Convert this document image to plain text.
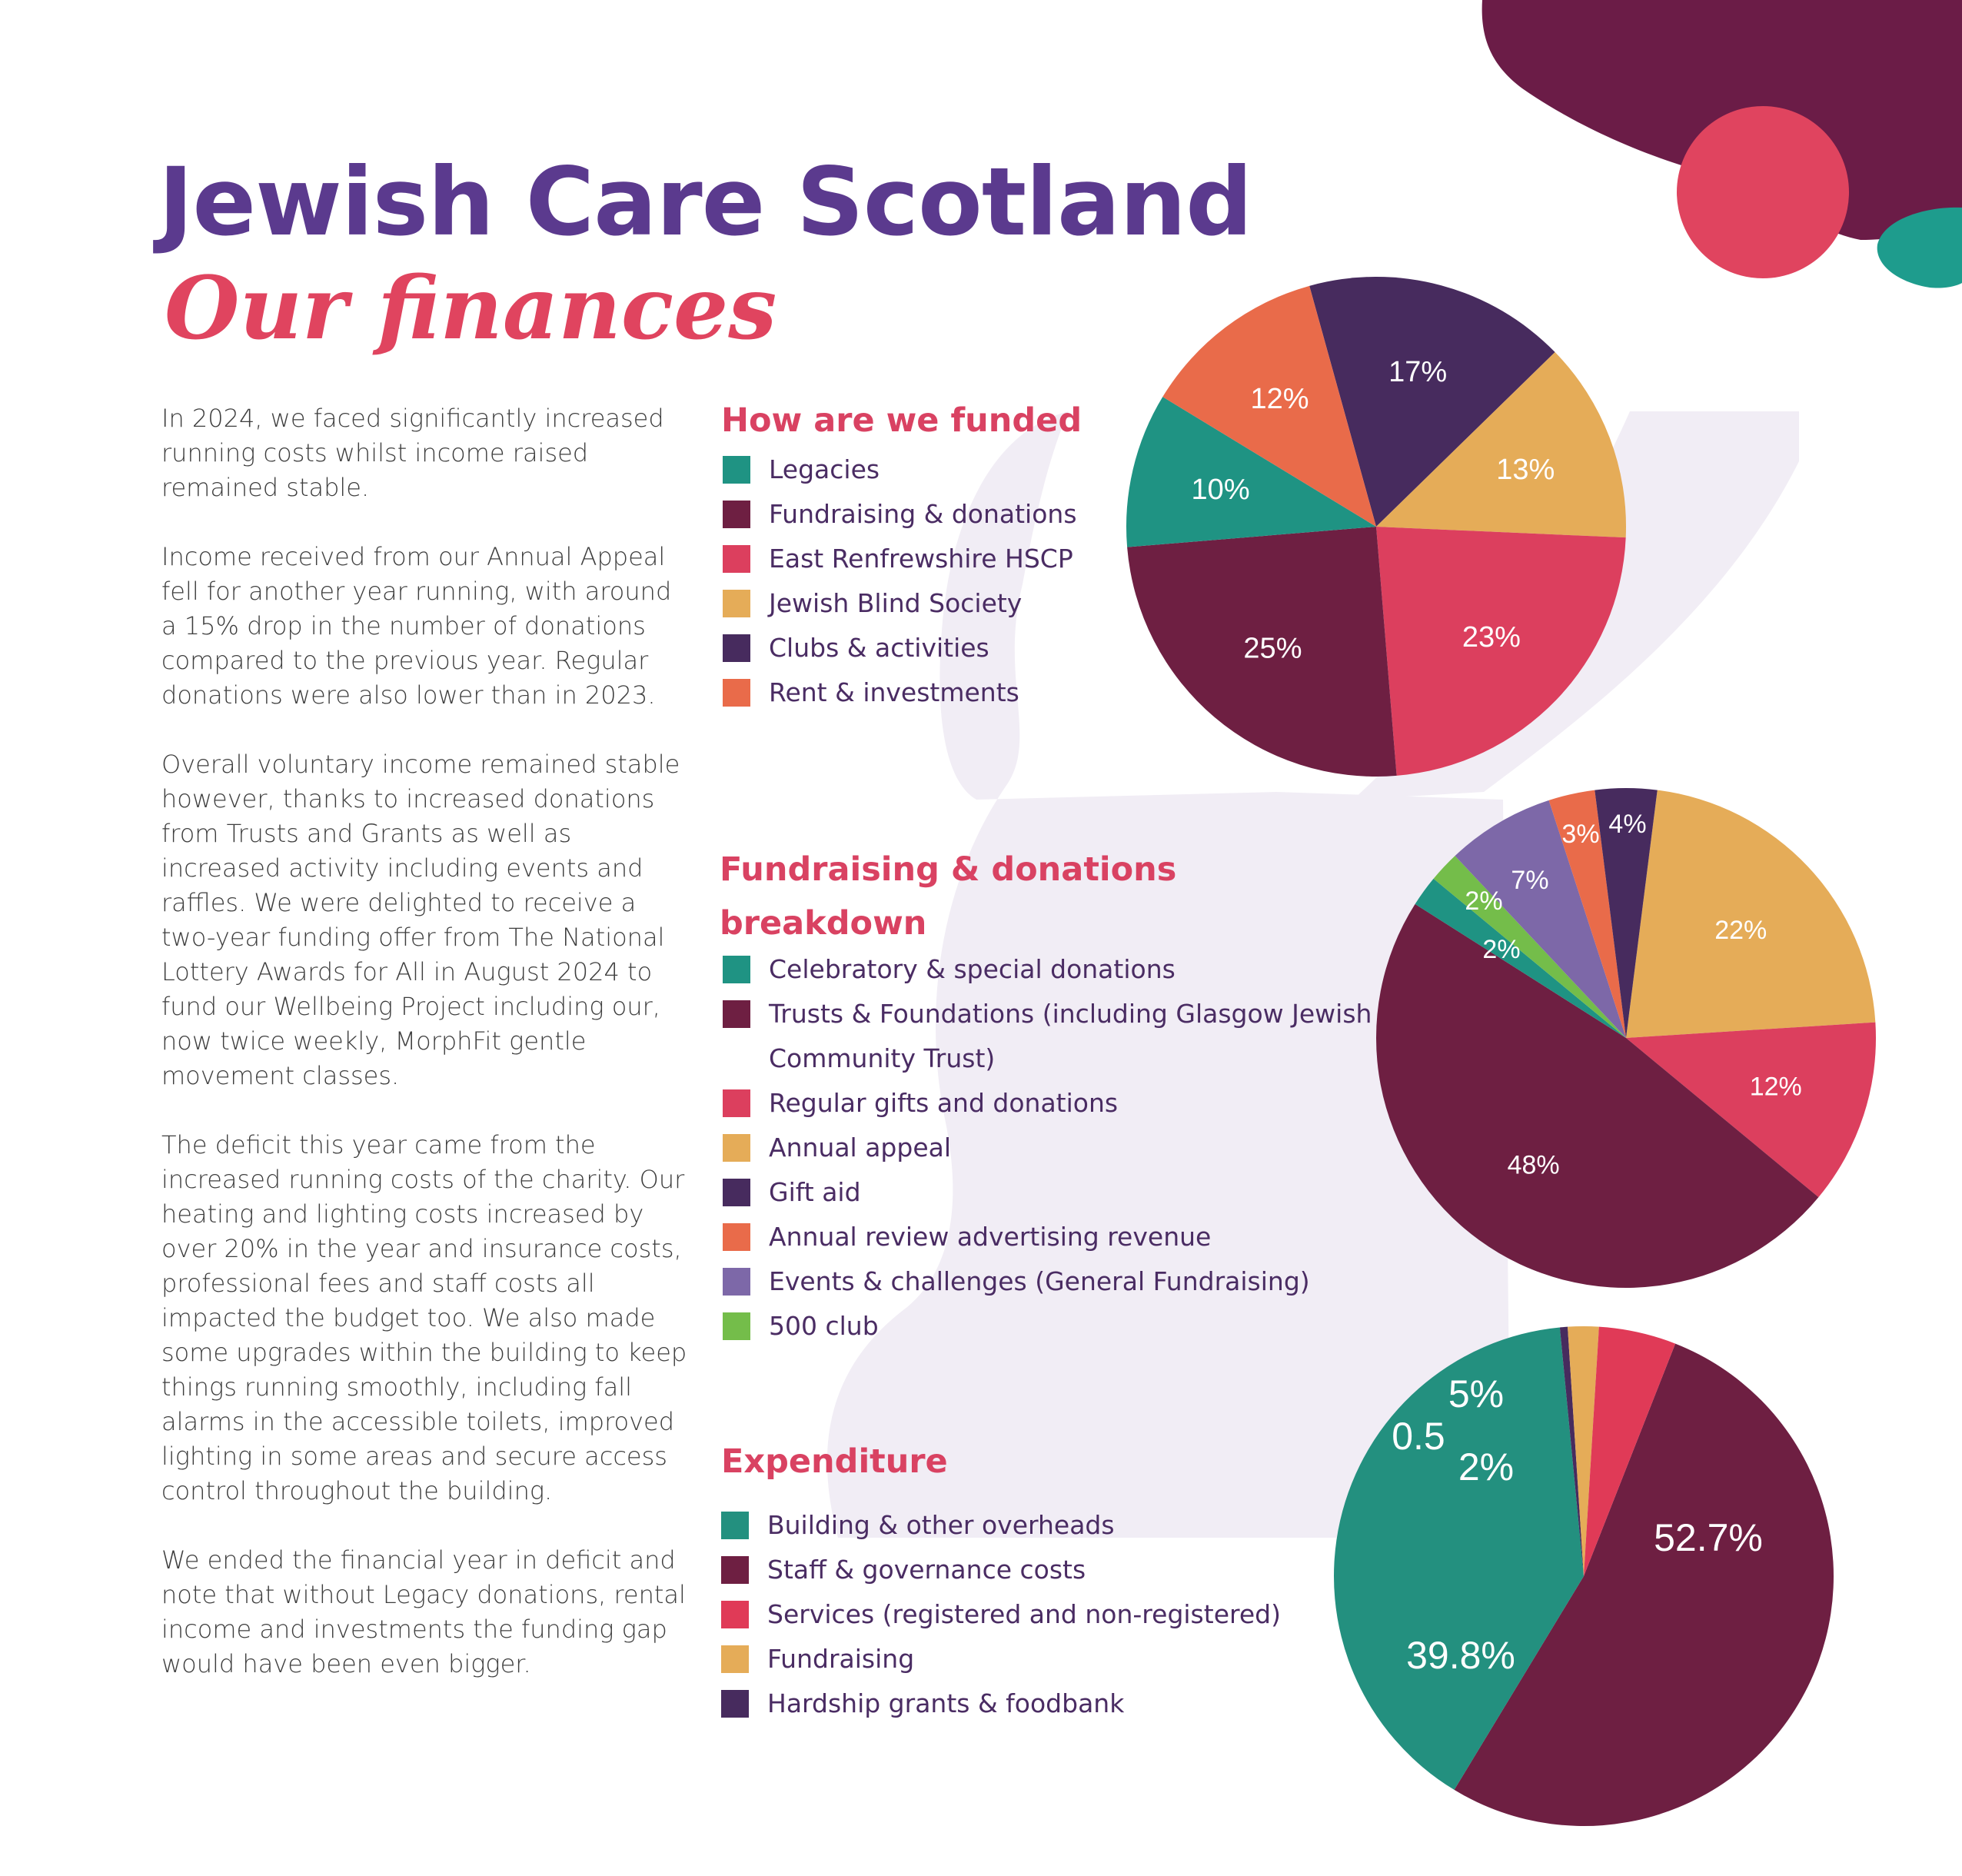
Jewish Care Scotland
Our finances

In 2024, we faced significantly increased running costs whilst income raised remained stable.

Income received from our Annual Appeal fell for another year running, with around a 15% drop in the number of donations compared to the previous year. Regular donations were also lower than in 2023.

Overall voluntary income remained stable however, thanks to increased donations from Trusts and Grants as well as increased activity including events and raffles. We were delighted to receive a two-year funding offer from The National Lottery Awards for All in August 2024 to fund our Wellbeing Project including our, now twice weekly, MorphFit gentle movement classes.

The deficit this year came from the increased running costs of the charity. Our heating and lighting costs increased by over 20% in the year and insurance costs, professional fees and staff costs all impacted the budget too. We also made some upgrades within the building to keep things running smoothly, including fall alarms in the accessible toilets, improved lighting in some areas and secure access control throughout the building.

We ended the financial year in deficit and note that without Legacy donations, rental income and investments the funding gap would have been even bigger.

How are we funded
Legacies
Fundraising & donations
East Renfrewshire HSCP
Jewish Blind Society
Clubs & activities
Rent & investments
Fundraising & donations breakdown
Celebratory & special donations
Trusts & Foundations (including Glasgow Jewish Community Trust)
Regular gifts and donations
Annual appeal
Gift aid
Annual review advertising revenue
Events & challenges (General Fundraising)
500 club
Expenditure
Building & other overheads
Staff & governance costs
Services (registered and non-registered)
Fundraising
Hardship grants & foodbank
10%
25%	23%
13%
17%
12%
2%
48%
12%
22%
4%
3%
7%
2%
39.8%
52.7%
5%
2%
0.5
